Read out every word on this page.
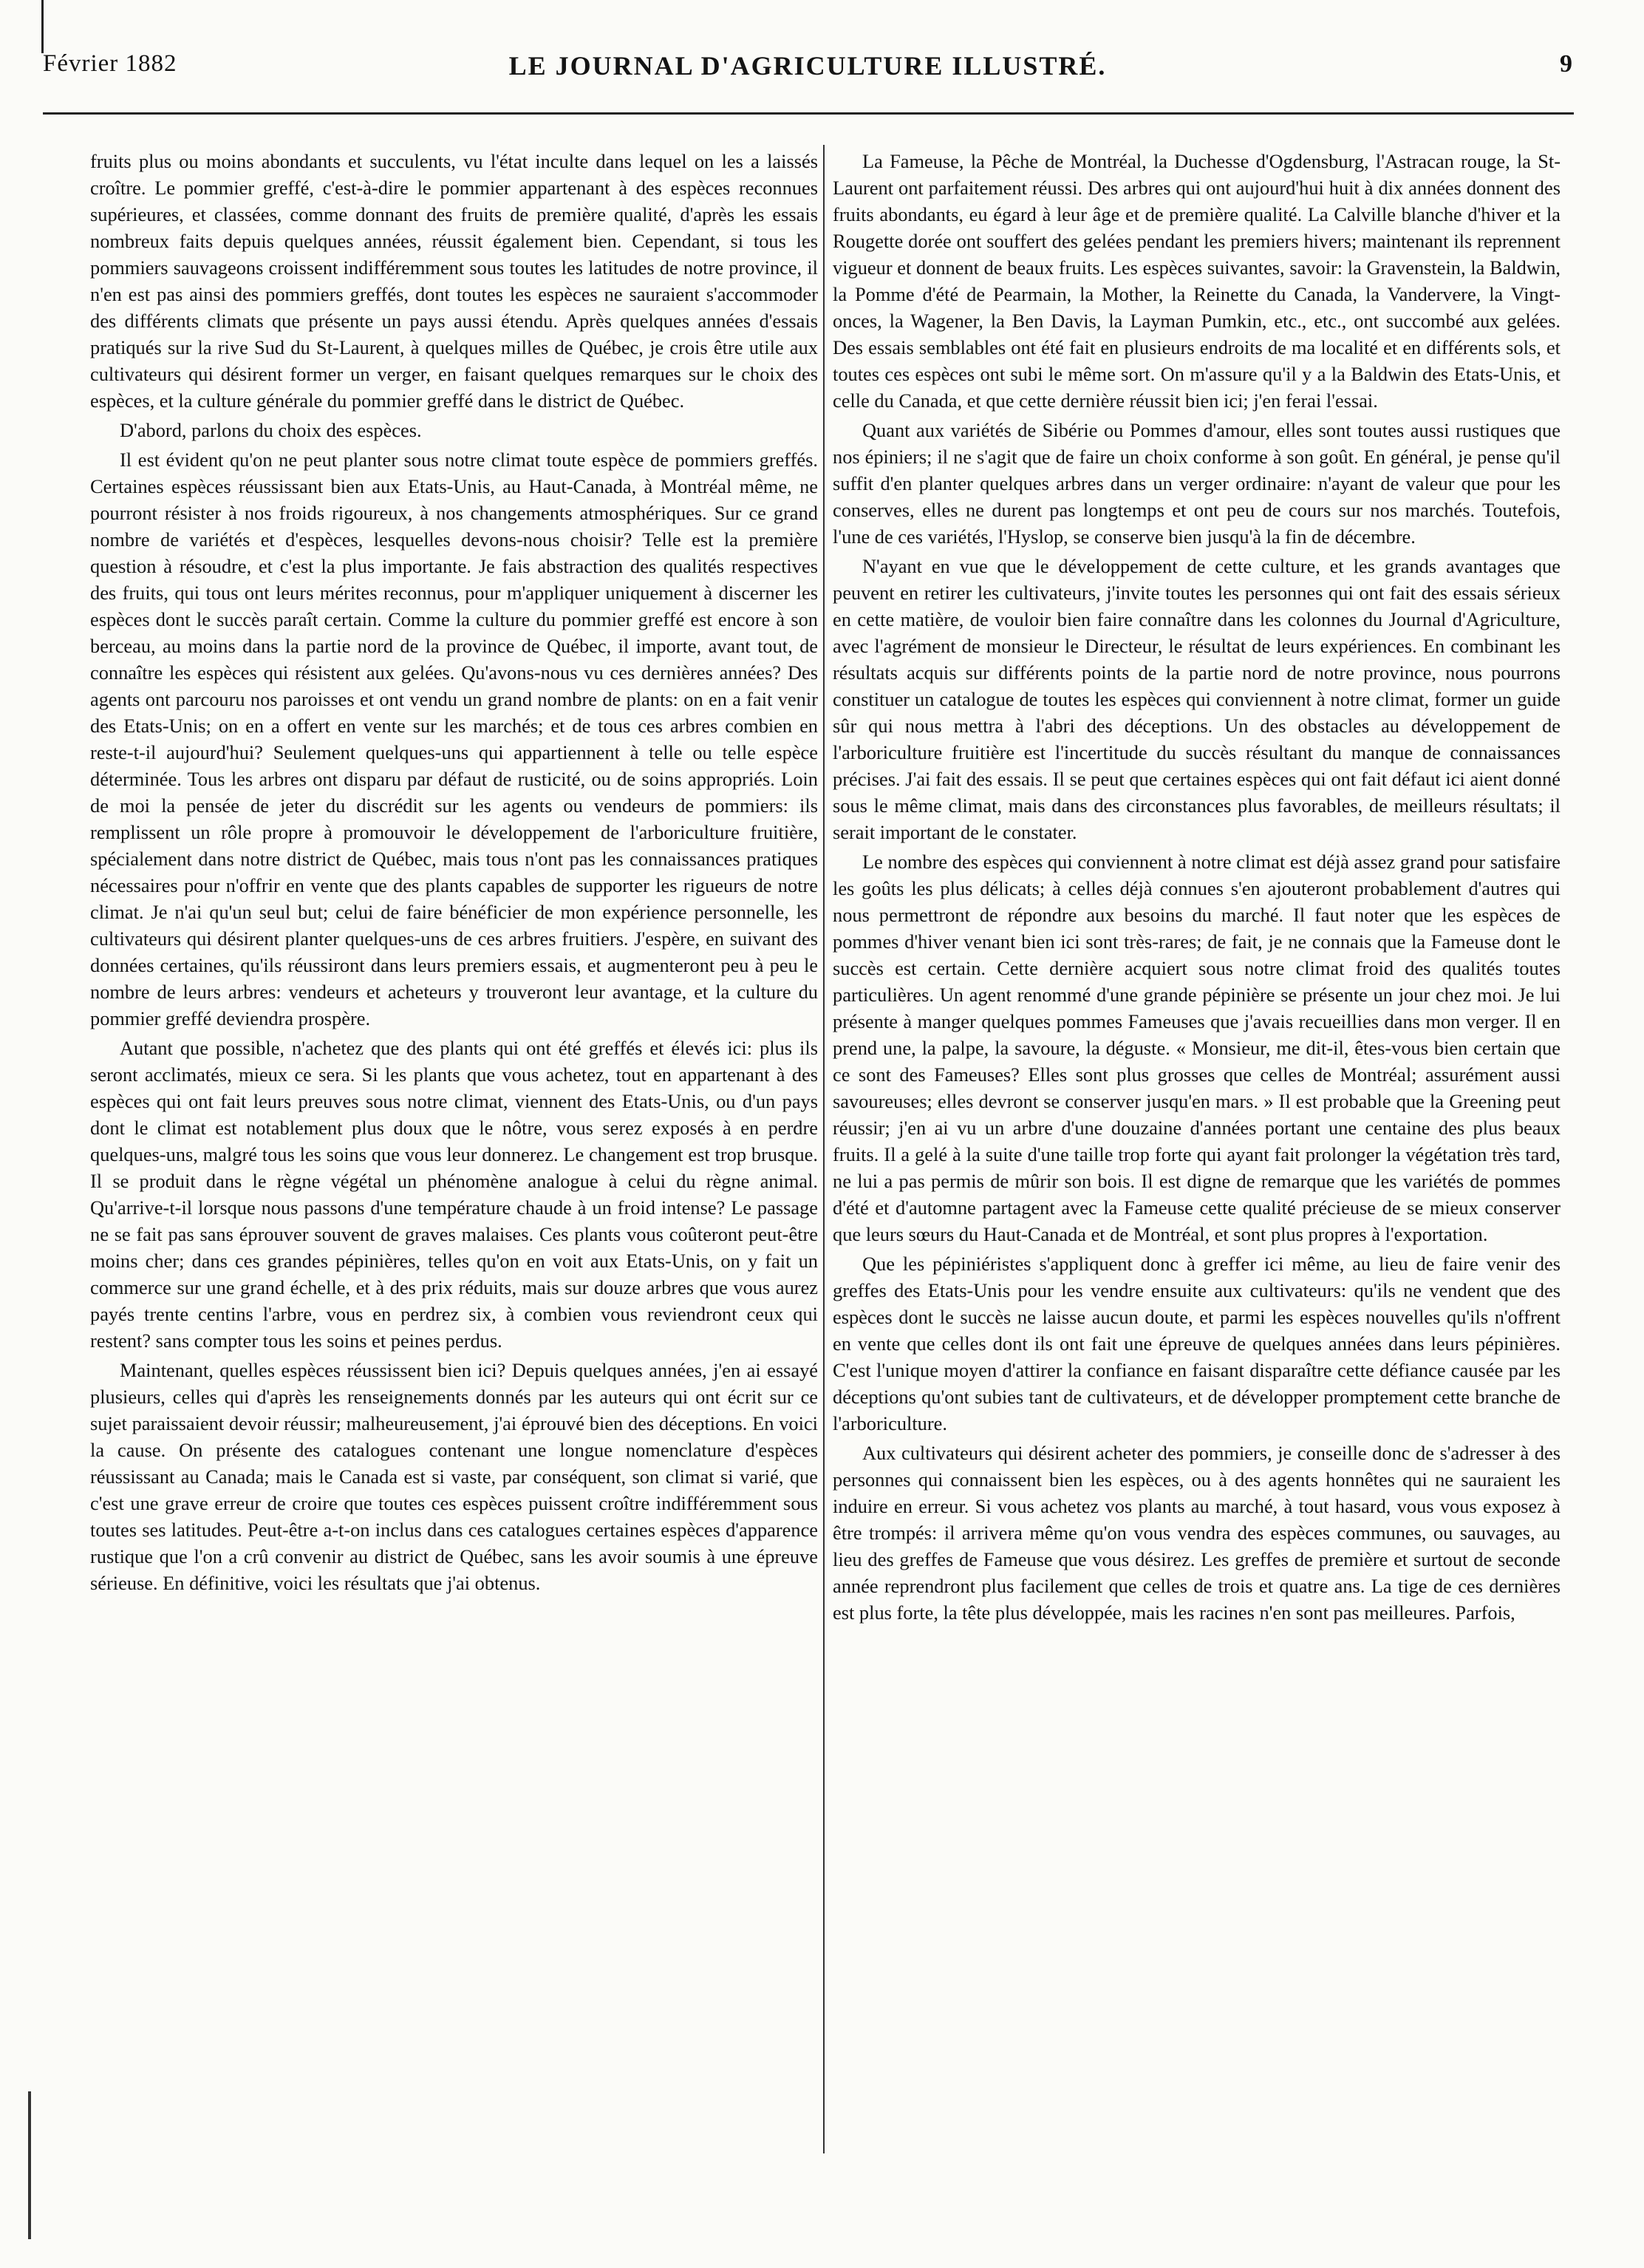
Février 1882	LE JOURNAL D'AGRICULTURE ILLUSTRÉ.	9

fruits plus ou moins abondants et succulents, vu l'état inculte dans lequel on les a laissés croître. Le pommier greffé, c'est-à-dire le pommier appartenant à des espèces reconnues supérieures, et classées, comme donnant des fruits de première qualité, d'après les essais nombreux faits depuis quelques années, réussit également bien. Cependant, si tous les pommiers sauvageons croissent indifféremment sous toutes les latitudes de notre province, il n'en est pas ainsi des pommiers greffés, dont toutes les espèces ne sauraient s'accommoder des différents climats que présente un pays aussi étendu. Après quelques années d'essais pratiqués sur la rive Sud du St-Laurent, à quelques milles de Québec, je crois être utile aux cultivateurs qui désirent former un verger, en faisant quelques remarques sur le choix des espèces, et la culture générale du pommier greffé dans le district de Québec.

D'abord, parlons du choix des espèces.

Il est évident qu'on ne peut planter sous notre climat toute espèce de pommiers greffés. Certaines espèces réussissant bien aux Etats-Unis, au Haut-Canada, à Montréal même, ne pourront résister à nos froids rigoureux, à nos changements atmosphériques. Sur ce grand nombre de variétés et d'espèces, lesquelles devons-nous choisir? Telle est la première question à résoudre, et c'est la plus importante. Je fais abstraction des qualités respectives des fruits, qui tous ont leurs mérites reconnus, pour m'appliquer uniquement à discerner les espèces dont le succès paraît certain. Comme la culture du pommier greffé est encore à son berceau, au moins dans la partie nord de la province de Québec, il importe, avant tout, de connaître les espèces qui résistent aux gelées. Qu'avons-nous vu ces dernières années? Des agents ont parcouru nos paroisses et ont vendu un grand nombre de plants: on en a fait venir des Etats-Unis; on en a offert en vente sur les marchés; et de tous ces arbres combien en reste-t-il aujourd'hui? Seulement quelques-uns qui appartiennent à telle ou telle espèce déterminée. Tous les arbres ont disparu par défaut de rusticité, ou de soins appropriés. Loin de moi la pensée de jeter du discrédit sur les agents ou vendeurs de pommiers: ils remplissent un rôle propre à promouvoir le développement de l'arboriculture fruitière, spécialement dans notre district de Québec, mais tous n'ont pas les connaissances pratiques nécessaires pour n'offrir en vente que des plants capables de supporter les rigueurs de notre climat. Je n'ai qu'un seul but; celui de faire bénéficier de mon expérience personnelle, les cultivateurs qui désirent planter quelques-uns de ces arbres fruitiers. J'espère, en suivant des données certaines, qu'ils réussiront dans leurs premiers essais, et augmenteront peu à peu le nombre de leurs arbres: vendeurs et acheteurs y trouveront leur avantage, et la culture du pommier greffé deviendra prospère.

Autant que possible, n'achetez que des plants qui ont été greffés et élevés ici: plus ils seront acclimatés, mieux ce sera. Si les plants que vous achetez, tout en appartenant à des espèces qui ont fait leurs preuves sous notre climat, viennent des Etats-Unis, ou d'un pays dont le climat est notablement plus doux que le nôtre, vous serez exposés à en perdre quelques-uns, malgré tous les soins que vous leur donnerez. Le changement est trop brusque. Il se produit dans le règne végétal un phénomène analogue à celui du règne animal. Qu'arrive-t-il lorsque nous passons d'une température chaude à un froid intense? Le passage ne se fait pas sans éprouver souvent de graves malaises. Ces plants vous coûteront peut-être moins cher; dans ces grandes pépinières, telles qu'on en voit aux Etats-Unis, on y fait un commerce sur une grand échelle, et à des prix réduits, mais sur douze arbres que vous aurez payés trente centins l'arbre, vous en perdrez six, à combien vous reviendront ceux qui restent? sans compter tous les soins et peines perdus.

Maintenant, quelles espèces réussissent bien ici? Depuis quelques années, j'en ai essayé plusieurs, celles qui d'après les renseignements donnés par les auteurs qui ont écrit sur ce sujet paraissaient devoir réussir; malheureusement, j'ai éprouvé bien des déceptions. En voici la cause. On présente des catalogues contenant une longue nomenclature d'espèces réussissant au Canada; mais le Canada est si vaste, par conséquent, son climat si varié, que c'est une grave erreur de croire que toutes ces espèces puissent croître indifféremment sous toutes ses latitudes. Peut-être a-t-on inclus dans ces catalogues certaines espèces d'apparence rustique que l'on a crû convenir au district de Québec, sans les avoir soumis à une épreuve sérieuse. En définitive, voici les résultats que j'ai obtenus.

La Fameuse, la Pêche de Montréal, la Duchesse d'Ogdensburg, l'Astracan rouge, la St-Laurent ont parfaitement réussi. Des arbres qui ont aujourd'hui huit à dix années donnent des fruits abondants, eu égard à leur âge et de première qualité. La Calville blanche d'hiver et la Rougette dorée ont souffert des gelées pendant les premiers hivers; maintenant ils reprennent vigueur et donnent de beaux fruits. Les espèces suivantes, savoir: la Gravenstein, la Baldwin, la Pomme d'été de Pearmain, la Mother, la Reinette du Canada, la Vandervere, la Vingt-onces, la Wagener, la Ben Davis, la Layman Pumkin, etc., etc., ont succombé aux gelées. Des essais semblables ont été fait en plusieurs endroits de ma localité et en différents sols, et toutes ces espèces ont subi le même sort. On m'assure qu'il y a la Baldwin des Etats-Unis, et celle du Canada, et que cette dernière réussit bien ici; j'en ferai l'essai.

Quant aux variétés de Sibérie ou Pommes d'amour, elles sont toutes aussi rustiques que nos épiniers; il ne s'agit que de faire un choix conforme à son goût. En général, je pense qu'il suffit d'en planter quelques arbres dans un verger ordinaire: n'ayant de valeur que pour les conserves, elles ne durent pas longtemps et ont peu de cours sur nos marchés. Toutefois, l'une de ces variétés, l'Hyslop, se conserve bien jusqu'à la fin de décembre.

N'ayant en vue que le développement de cette culture, et les grands avantages que peuvent en retirer les cultivateurs, j'invite toutes les personnes qui ont fait des essais sérieux en cette matière, de vouloir bien faire connaître dans les colonnes du Journal d'Agriculture, avec l'agrément de monsieur le Directeur, le résultat de leurs expériences. En combinant les résultats acquis sur différents points de la partie nord de notre province, nous pourrons constituer un catalogue de toutes les espèces qui conviennent à notre climat, former un guide sûr qui nous mettra à l'abri des déceptions. Un des obstacles au développement de l'arboriculture fruitière est l'incertitude du succès résultant du manque de connaissances précises. J'ai fait des essais. Il se peut que certaines espèces qui ont fait défaut ici aient donné sous le même climat, mais dans des circonstances plus favorables, de meilleurs résultats; il serait important de le constater.

Le nombre des espèces qui conviennent à notre climat est déjà assez grand pour satisfaire les goûts les plus délicats; à celles déjà connues s'en ajouteront probablement d'autres qui nous permettront de répondre aux besoins du marché. Il faut noter que les espèces de pommes d'hiver venant bien ici sont très-rares; de fait, je ne connais que la Fameuse dont le succès est certain. Cette dernière acquiert sous notre climat froid des qualités toutes particulières. Un agent renommé d'une grande pépinière se présente un jour chez moi. Je lui présente à manger quelques pommes Fameuses que j'avais recueillies dans mon verger. Il en prend une, la palpe, la savoure, la déguste. « Monsieur, me dit-il, êtes-vous bien certain que ce sont des Fameuses? Elles sont plus grosses que celles de Montréal; assurément aussi savoureuses; elles devront se conserver jusqu'en mars. » Il est probable que la Greening peut réussir; j'en ai vu un arbre d'une douzaine d'années portant une centaine des plus beaux fruits. Il a gelé à la suite d'une taille trop forte qui ayant fait prolonger la végétation très tard, ne lui a pas permis de mûrir son bois. Il est digne de remarque que les variétés de pommes d'été et d'automne partagent avec la Fameuse cette qualité précieuse de se mieux conserver que leurs sœurs du Haut-Canada et de Montréal, et sont plus propres à l'exportation.

Que les pépiniéristes s'appliquent donc à greffer ici même, au lieu de faire venir des greffes des Etats-Unis pour les vendre ensuite aux cultivateurs: qu'ils ne vendent que des espèces dont le succès ne laisse aucun doute, et parmi les espèces nouvelles qu'ils n'offrent en vente que celles dont ils ont fait une épreuve de quelques années dans leurs pépinières. C'est l'unique moyen d'attirer la confiance en faisant disparaître cette défiance causée par les déceptions qu'ont subies tant de cultivateurs, et de développer promptement cette branche de l'arboriculture.

Aux cultivateurs qui désirent acheter des pommiers, je conseille donc de s'adresser à des personnes qui connaissent bien les espèces, ou à des agents honnêtes qui ne sauraient les induire en erreur. Si vous achetez vos plants au marché, à tout hasard, vous vous exposez à être trompés: il arrivera même qu'on vous vendra des espèces communes, ou sauvages, au lieu des greffes de Fameuse que vous désirez. Les greffes de première et surtout de seconde année reprendront plus facilement que celles de trois et quatre ans. La tige de ces dernières est plus forte, la tête plus développée, mais les racines n'en sont pas meilleures. Parfois,
